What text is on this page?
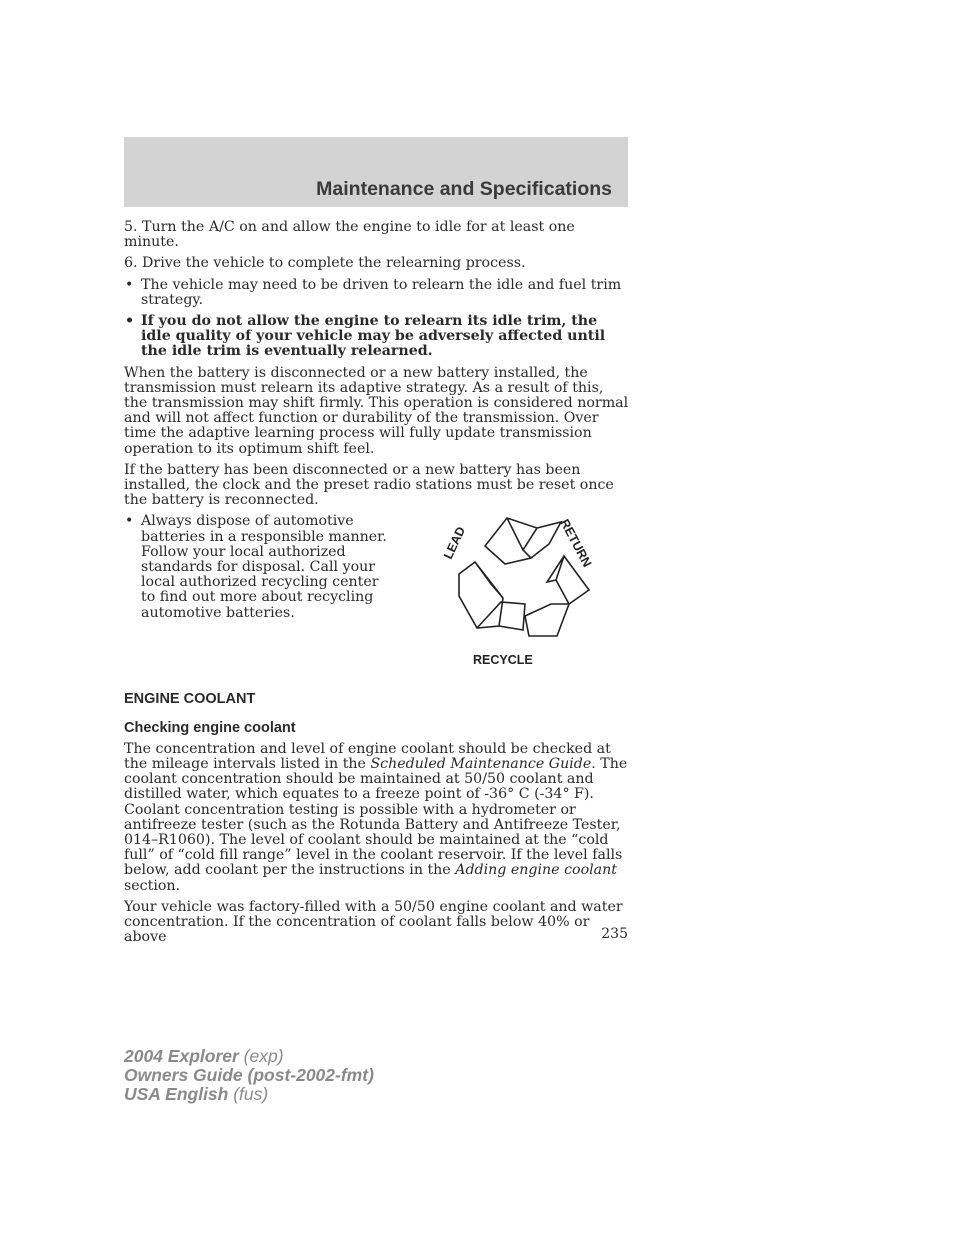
Maintenance and Specifications

5. Turn the A/C on and allow the engine to idle for at least one minute.

6. Drive the vehicle to complete the relearning process.

• The vehicle may need to be driven to relearn the idle and fuel trim strategy.
• If you do not allow the engine to relearn its idle trim, the idle quality of your vehicle may be adversely affected until the idle trim is eventually relearned.

When the battery is disconnected or a new battery installed, the transmission must relearn its adaptive strategy. As a result of this, the transmission may shift firmly. This operation is considered normal and will not affect function or durability of the transmission. Over time the adaptive learning process will fully update transmission operation to its optimum shift feel.

If the battery has been disconnected or a new battery has been installed, the clock and the preset radio stations must be reset once the battery is reconnected.

• Always dispose of automotive batteries in a responsible manner. Follow your local authorized standards for disposal. Call your local authorized recycling center to find out more about recycling automotive batteries.
LEAD	RETURN
RECYCLE
ENGINE COOLANT
Checking engine coolant

The concentration and level of engine coolant should be checked at the mileage intervals listed in the Scheduled Maintenance Guide. The coolant concentration should be maintained at 50/50 coolant and distilled water, which equates to a freeze point of -36° C (-34° F). Coolant concentration testing is possible with a hydrometer or antifreeze tester (such as the Rotunda Battery and Antifreeze Tester, 014–R1060). The level of coolant should be maintained at the “cold full” of “cold fill range” level in the coolant reservoir. If the level falls below, add coolant per the instructions in the Adding engine coolant section.

Your vehicle was factory-filled with a 50/50 engine coolant and water concentration. If the concentration of coolant falls below 40% or above	235
2004 Explorer (exp)
Owners Guide (post-2002-fmt)
USA English (fus)
